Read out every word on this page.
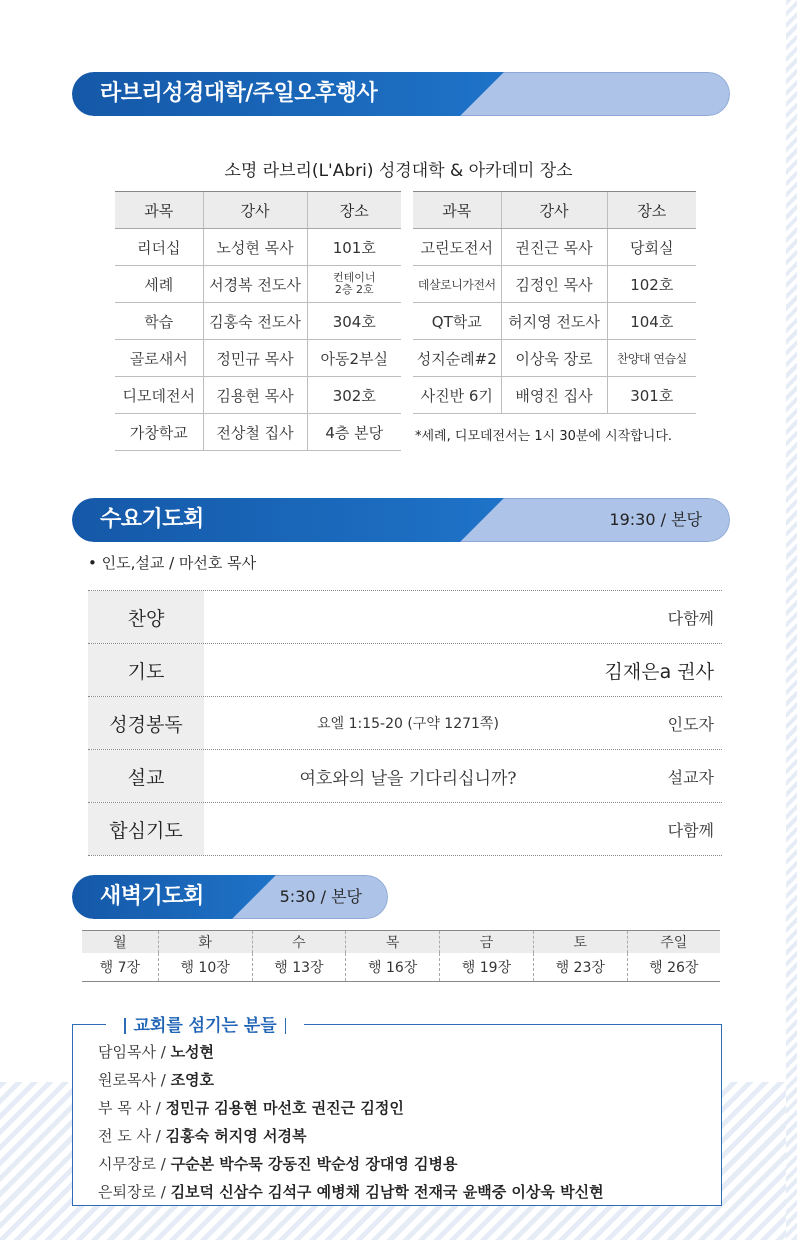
라브리성경대학/주일오후행사
소명 라브리(L'Abri) 성경대학 & 아카데미 장소
과목	강사	장소
리더십	노성현 목사	101호
세례	서경복 전도사	컨테이너
2층 2호
학습	김홍숙 전도사	304호
골로새서	정민규 목사	아동2부실
디모데전서	김용현 목사	302호
가창학교	전상철 집사	4층 본당
과목	강사	장소
고린도전서	권진근 목사	당회실
데살로니가전서	김정인 목사	102호
QT학교	허지영 전도사	104호
성지순례#2	이상욱 장로	찬양대 연습실
사진반 6기	배영진 집사	301호
*세례, 디모데전서는 1시 30분에 시작합니다.
수요기도회	19:30 / 본당
• 인도,설교 / 마선호 목사
찬양	다함께
기도	김재은a 권사
성경봉독	요엘 1:15-20 (구약 1271쪽)	인도자
설교	여호와의 날을 기다리십니까?	설교자
합심기도	다함께
새벽기도회	5:30 / 본당
월	화	수	목	금	토	주일
행 7장	행 10장	행 13장	행 16장	행 19장	행 23장	행 26장
교회를 섬기는 분들
담임목사 / 노성현
원로목사 / 조영호
부 목 사 / 정민규 김용현 마선호 권진근 김정인
전 도 사 / 김홍숙 허지영 서경복
시무장로 / 구순본 박수묵 강동진 박순성 장대영 김병용
은퇴장로 / 김보덕 신삼수 김석구 예병채 김남학 전재국 윤백중 이상욱 박신현
